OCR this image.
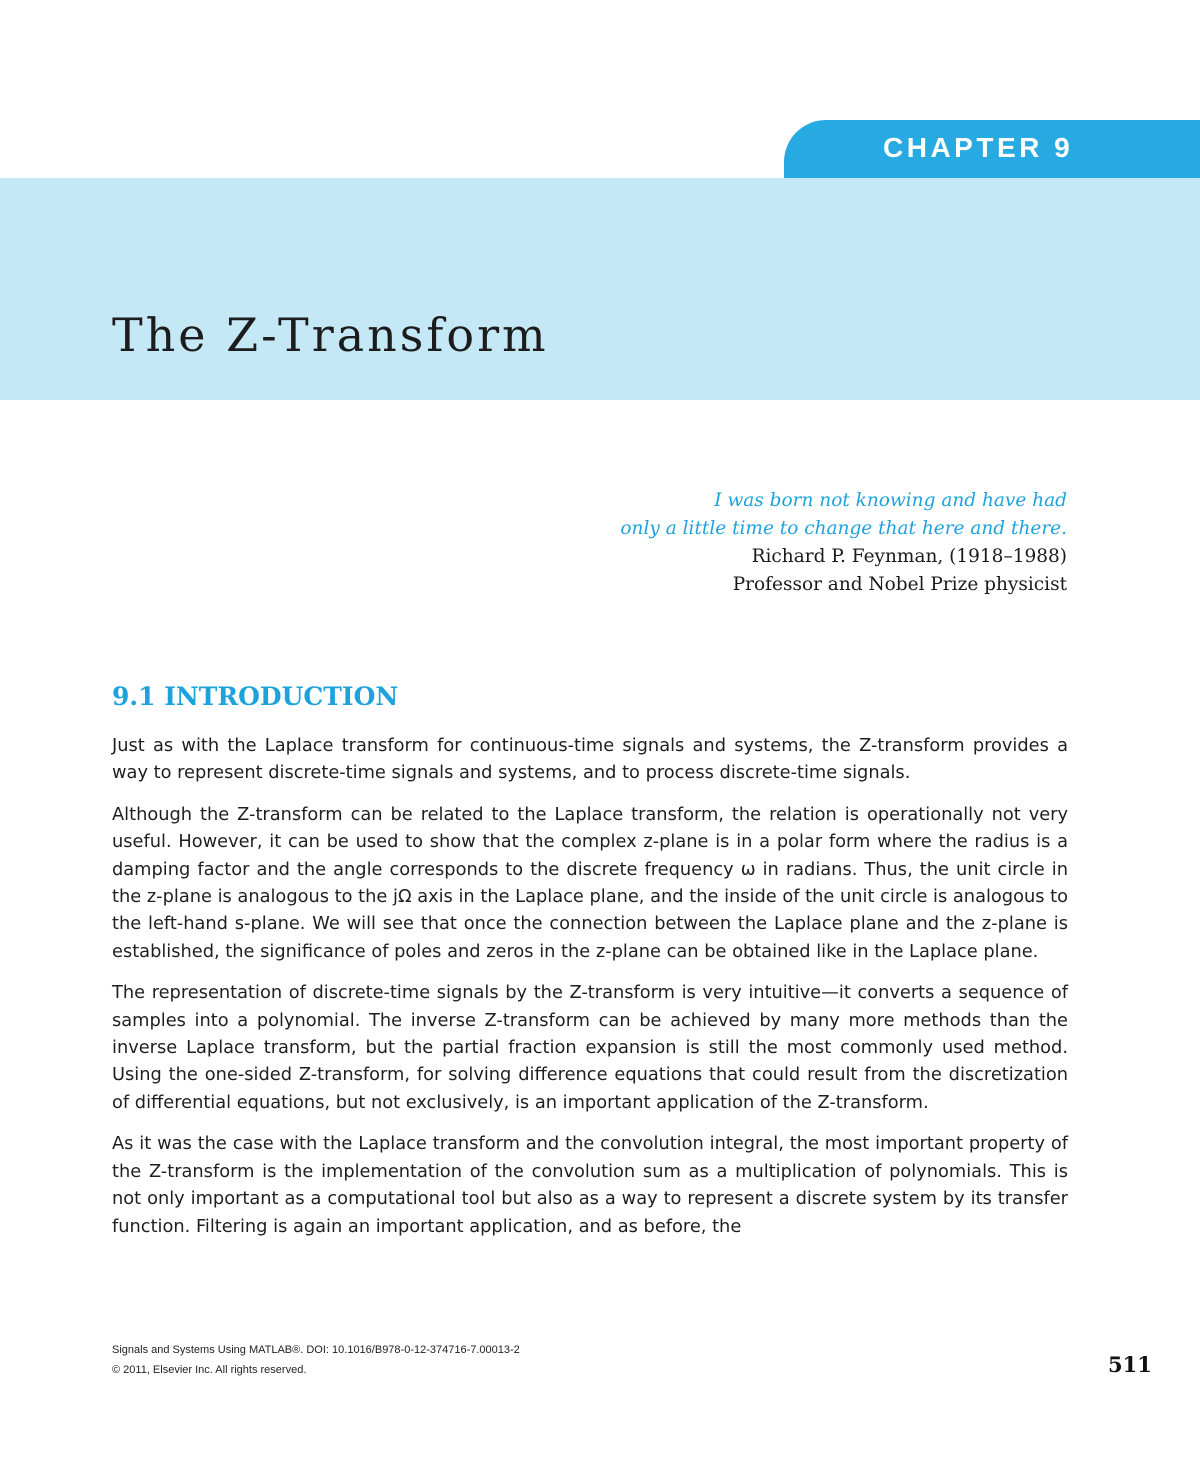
CHAPTER 9
The Z-Transform
I was born not knowing and have had
only a little time to change that here and there.
Richard P. Feynman, (1918–1988)
Professor and Nobel Prize physicist
9.1 INTRODUCTION

Just as with the Laplace transform for continuous-time signals and systems, the Z-transform provides a way to represent discrete-time signals and systems, and to process discrete-time signals.

Although the Z-transform can be related to the Laplace transform, the relation is operationally not very useful. However, it can be used to show that the complex z-plane is in a polar form where the radius is a damping factor and the angle corresponds to the discrete frequency ω in radians. Thus, the unit circle in the z-plane is analogous to the jΩ axis in the Laplace plane, and the inside of the unit circle is analogous to the left-hand s-plane. We will see that once the connection between the Laplace plane and the z-plane is established, the significance of poles and zeros in the z-plane can be obtained like in the Laplace plane.

The representation of discrete-time signals by the Z-transform is very intuitive—it converts a sequence of samples into a polynomial. The inverse Z-transform can be achieved by many more methods than the inverse Laplace transform, but the partial fraction expansion is still the most commonly used method. Using the one-sided Z-transform, for solving difference equations that could result from the discretization of differential equations, but not exclusively, is an important application of the Z-transform.

As it was the case with the Laplace transform and the convolution integral, the most important property of the Z-transform is the implementation of the convolution sum as a multiplication of polynomials. This is not only important as a computational tool but also as a way to represent a discrete system by its transfer function. Filtering is again an important application, and as before, the

Signals and Systems Using MATLAB®. DOI: 10.1016/B978-0-12-374716-7.00013-2
© 2011, Elsevier Inc. All rights reserved.	511
